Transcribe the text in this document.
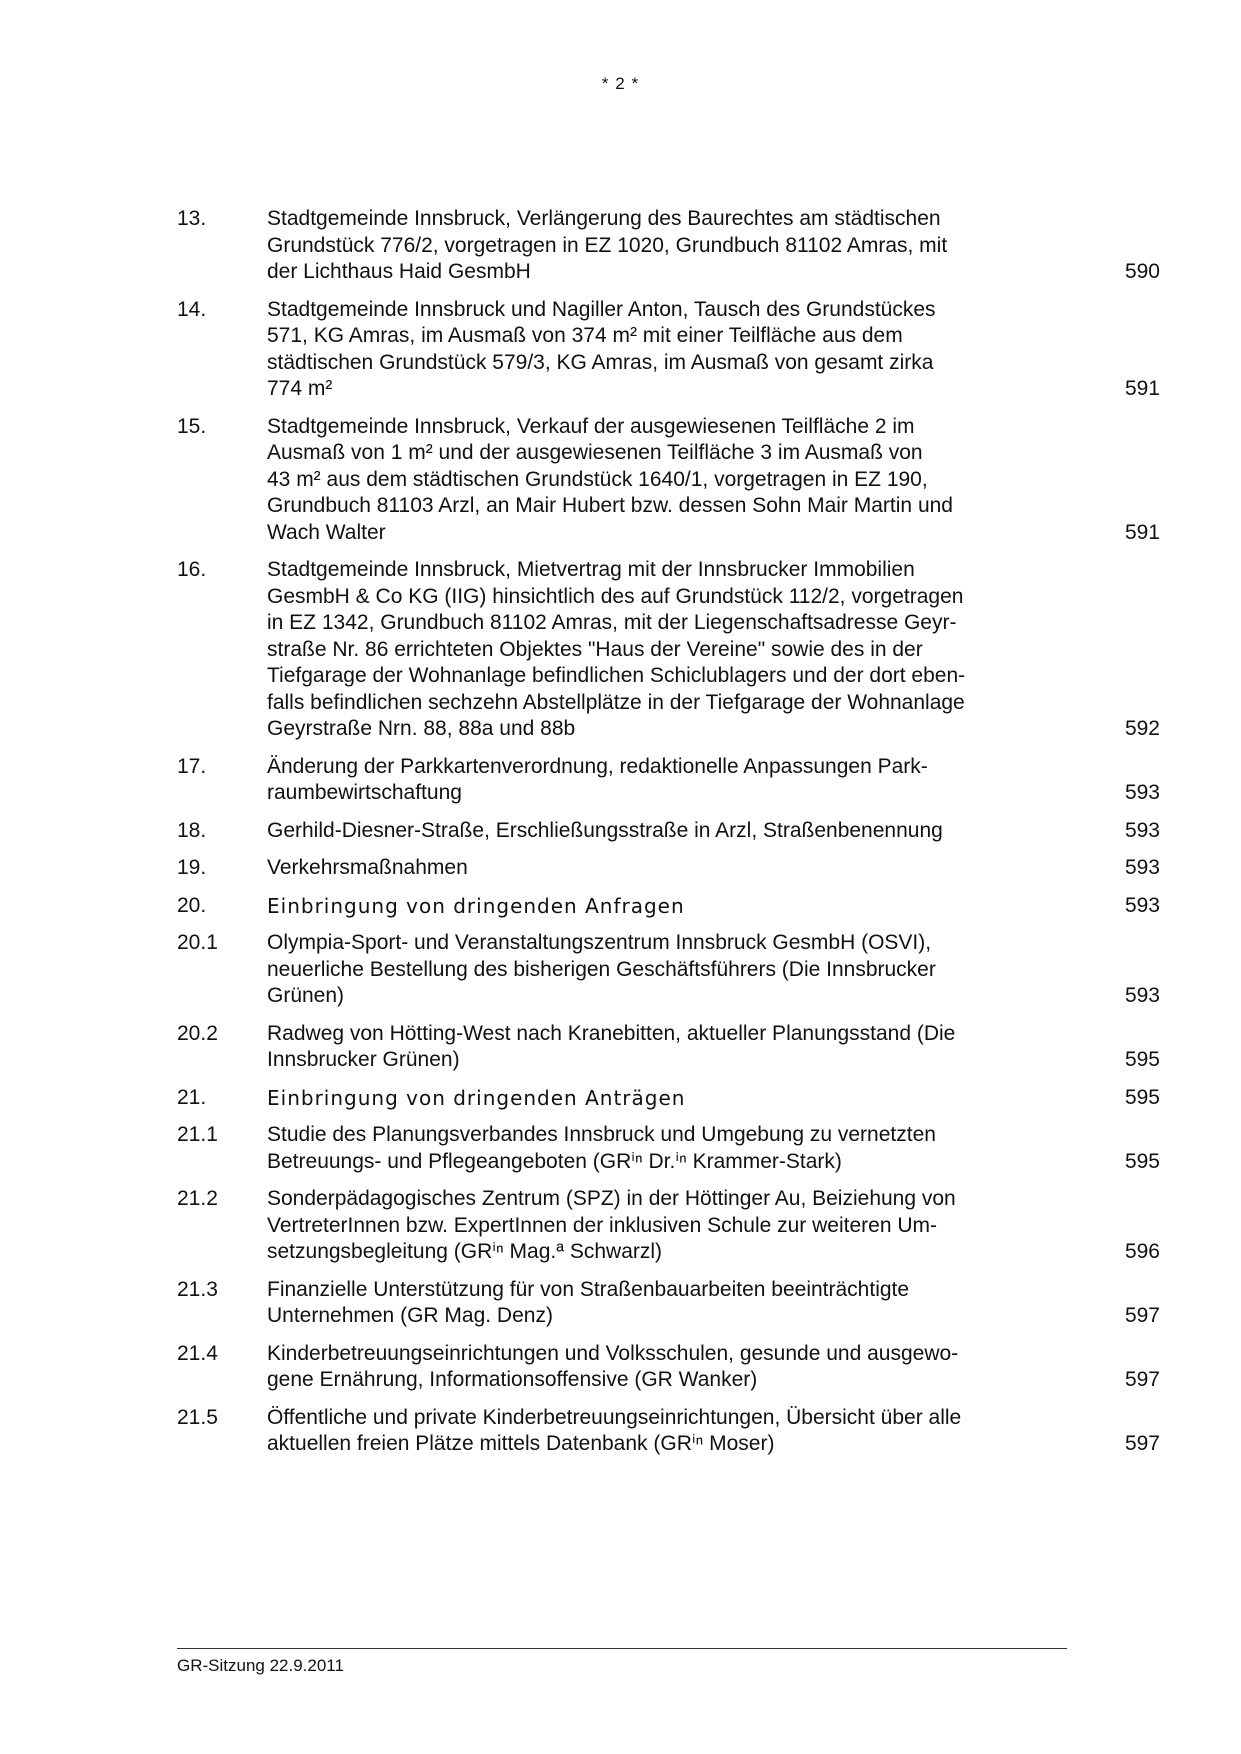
* 2 *
13.	Stadtgemeinde Innsbruck, Verlängerung des Baurechtes am städtischen
Grundstück 776/2, vorgetragen in EZ 1020, Grundbuch 81102 Amras, mit
der Lichthaus Haid GesmbH	590
14.	Stadtgemeinde Innsbruck und Nagiller Anton, Tausch des Grundstückes
571, KG Amras, im Ausmaß von 374 m² mit einer Teilfläche aus dem
städtischen Grundstück 579/3, KG Amras, im Ausmaß von gesamt zirka
774 m²	591
15.	Stadtgemeinde Innsbruck, Verkauf der ausgewiesenen Teilfläche 2 im
Ausmaß von 1 m² und der ausgewiesenen Teilfläche 3 im Ausmaß von
43 m² aus dem städtischen Grundstück 1640/1, vorgetragen in EZ 190,
Grundbuch 81103 Arzl, an Mair Hubert bzw. dessen Sohn Mair Martin und
Wach Walter	591
16.	Stadtgemeinde Innsbruck, Mietvertrag mit der Innsbrucker Immobilien
GesmbH & Co KG (IIG) hinsichtlich des auf Grundstück 112/2, vorgetragen
in EZ 1342, Grundbuch 81102 Amras, mit der Liegenschaftsadresse Geyr-
straße Nr. 86 errichteten Objektes "Haus der Vereine" sowie des in der
Tiefgarage der Wohnanlage befindlichen Schiclublagers und der dort eben-
falls befindlichen sechzehn Abstellplätze in der Tiefgarage der Wohnanlage
Geyrstraße Nrn. 88, 88a und 88b	592
17.	Änderung der Parkkartenverordnung, redaktionelle Anpassungen Park-
raumbewirtschaftung	593
18.	Gerhild-Diesner-Straße, Erschließungsstraße in Arzl, Straßenbenennung	593
19.	Verkehrsmaßnahmen	593
20.	Einbringung von dringenden Anfragen	593
20.1	Olympia-Sport- und Veranstaltungszentrum Innsbruck GesmbH (OSVI),
neuerliche Bestellung des bisherigen Geschäftsführers (Die Innsbrucker
Grünen)	593
20.2	Radweg von Hötting-West nach Kranebitten, aktueller Planungsstand (Die
Innsbrucker Grünen)	595
21.	Einbringung von dringenden Anträgen	595
21.1	Studie des Planungsverbandes Innsbruck und Umgebung zu vernetzten
Betreuungs- und Pflegeangeboten (GRⁱⁿ Dr.ⁱⁿ Krammer-Stark)	595
21.2	Sonderpädagogisches Zentrum (SPZ) in der Höttinger Au, Beiziehung von
VertreterInnen bzw. ExpertInnen der inklusiven Schule zur weiteren Um-
setzungsbegleitung (GRⁱⁿ Mag.ª Schwarzl)	596
21.3	Finanzielle Unterstützung für von Straßenbauarbeiten beeinträchtigte
Unternehmen (GR Mag. Denz)	597
21.4	Kinderbetreuungseinrichtungen und Volksschulen, gesunde und ausgewo-
gene Ernährung, Informationsoffensive (GR Wanker)	597
21.5	Öffentliche und private Kinderbetreuungseinrichtungen, Übersicht über alle
aktuellen freien Plätze mittels Datenbank (GRⁱⁿ Moser)	597
GR-Sitzung 22.9.2011
